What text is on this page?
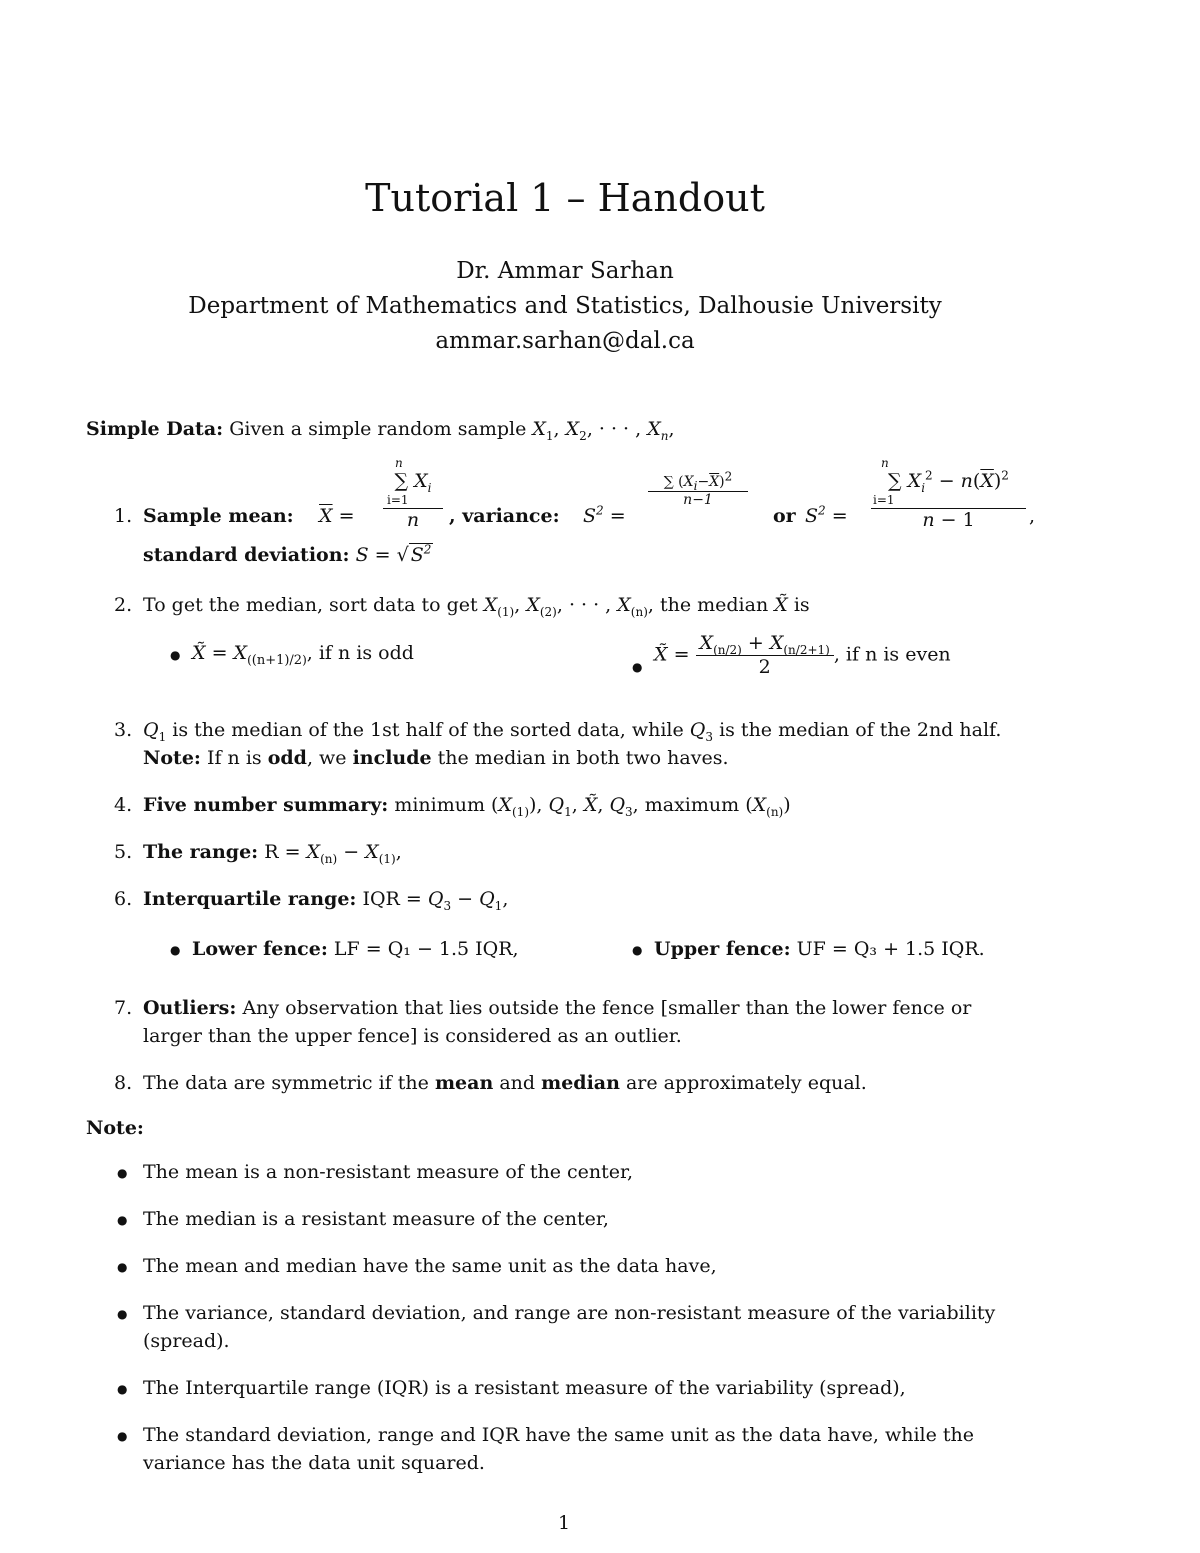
Tutorial 1 – Handout
Dr. Ammar Sarhan
Department of Mathematics and Statistics, Dalhousie University
ammar.sarhan@dal.ca
Simple Data: Given a simple random sample $X_1$, $X_2$, · · · , $X_n$,
1. Sample mean: $\overline{X}$ =
n
∑ $X_i$
i=1
n	, variance: $S^2$ =
∑ $(X_i-\overline{X})^2$
n−1
or $S^2$ =
n
∑ $X_i^2 - n(\overline{X})^2$
i=1
n − 1	,
standard deviation: S = √ $S^2$
2. To get the median, sort data to get $X_{(1)}$, $X_{(2)}$, · · · , $X_{(n)}$, the median X̃ is
● X̃ = $X_{((n+1)/2)}$, if n is odd
●
X̃ = $\frac{X_{(n/2)} + X_{(n/2+1)}}{2}$ , if n is even
3. $Q_1$ is the median of the 1st half of the sorted data, while $Q_3$ is the median of the 2nd half.
Note: If n is odd, we include the median in both two haves.
4. Five number summary: minimum $(X_{(1)})$, $Q_1$, X̃, $Q_3$, maximum $(X_{(n)})$
5. The range: $R = X_{(n)} - X_{(1)}$,
6. Interquartile range: IQR = $Q_3 - Q_1$,
● Lower fence: LF = Q₁ − 1.5 IQR,	● Upper fence: UF = Q₃ + 1.5 IQR.
7. Outliers: Any observation that lies outside the fence [smaller than the lower fence or
larger than the upper fence] is considered as an outlier.
8. The data are symmetric if the mean and median are approximately equal.
Note:
● The mean is a non-resistant measure of the center,
● The median is a resistant measure of the center,
● The mean and median have the same unit as the data have,
● The variance, standard deviation, and range are non-resistant measure of the variability
(spread).
● The Interquartile range (IQR) is a resistant measure of the variability (spread),
● The standard deviation, range and IQR have the same unit as the data have, while the
variance has the data unit squared.
1
